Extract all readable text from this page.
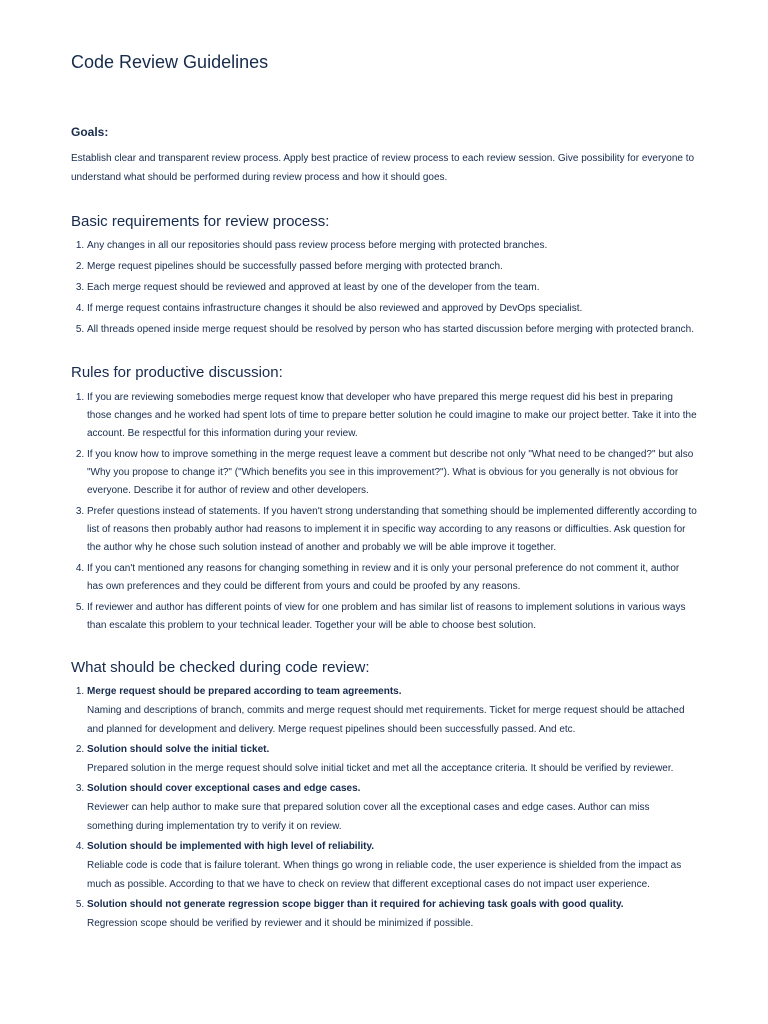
Code Review Guidelines
Goals:

Establish clear and transparent review process. Apply best practice of review process to each review session. Give possibility for everyone to understand what should be performed during review process and how it should goes.

Basic requirements for review process:
1. Any changes in all our repositories should pass review process before merging with protected branches.
2. Merge request pipelines should be successfully passed before merging with protected branch.
3. Each merge request should be reviewed and approved at least by one of the developer from the team.
4. If merge request contains infrastructure changes it should be also reviewed and approved by DevOps specialist.
5. All threads opened inside merge request should be resolved by person who has started discussion before merging with protected branch.
Rules for productive discussion:
1. If you are reviewing somebodies merge request know that developer who have prepared this merge request did his best in preparing those changes and he worked had spent lots of time to prepare better solution he could imagine to make our project better. Take it into the account. Be respectful for this information during your review.
2. If you know how to improve something in the merge request leave a comment but describe not only "What need to be changed?" but also "Why you propose to change it?" ("Which benefits you see in this improvement?"). What is obvious for you generally is not obvious for everyone. Describe it for author of review and other developers.
3. Prefer questions instead of statements. If you haven't strong understanding that something should be implemented differently according to list of reasons then probably author had reasons to implement it in specific way according to any reasons or difficulties. Ask question for the author why he chose such solution instead of another and probably we will be able improve it together.
4. If you can't mentioned any reasons for changing something in review and it is only your personal preference do not comment it, author has own preferences and they could be different from yours and could be proofed by any reasons.
5. If reviewer and author has different points of view for one problem and has similar list of reasons to implement solutions in various ways than escalate this problem to your technical leader. Together your will be able to choose best solution.
What should be checked during code review:
1. Merge request should be prepared according to team agreements.
Naming and descriptions of branch, commits and merge request should met requirements. Ticket for merge request should be attached and planned for development and delivery. Merge request pipelines should been successfully passed. And etc.
2. Solution should solve the initial ticket.
Prepared solution in the merge request should solve initial ticket and met all the acceptance criteria. It should be verified by reviewer.
3. Solution should cover exceptional cases and edge cases.
Reviewer can help author to make sure that prepared solution cover all the exceptional cases and edge cases. Author can miss something during implementation try to verify it on review.
4. Solution should be implemented with high level of reliability.
Reliable code is code that is failure tolerant. When things go wrong in reliable code, the user experience is shielded from the impact as much as possible. According to that we have to check on review that different exceptional cases do not impact user experience.
5. Solution should not generate regression scope bigger than it required for achieving task goals with good quality.
Regression scope should be verified by reviewer and it should be minimized if possible.
